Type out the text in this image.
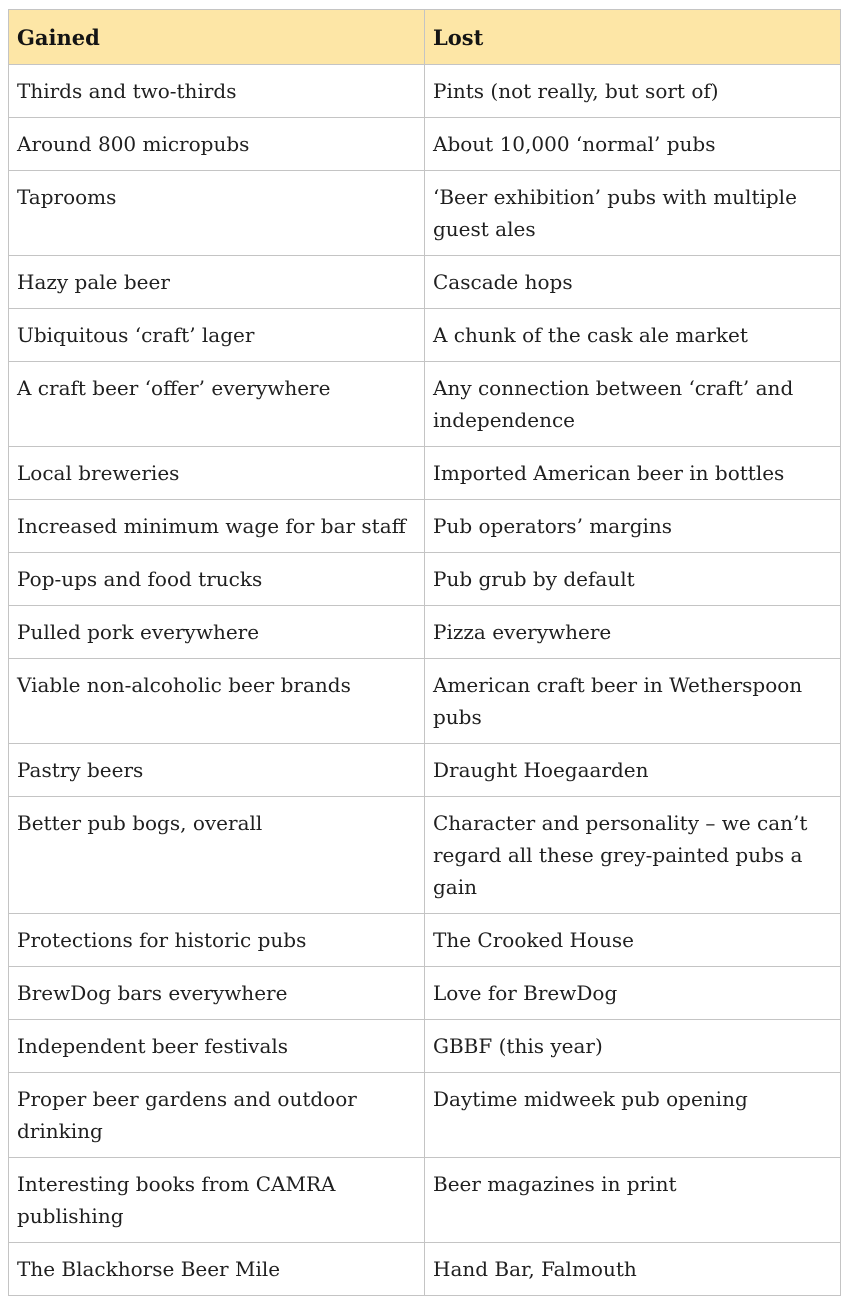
Gained	Lost
Thirds and two-thirds	Pints (not really, but sort of)
Around 800 micropubs	About 10,000 ‘normal’ pubs
Taprooms	‘Beer exhibition’ pubs with multiple guest ales
Hazy pale beer	Cascade hops
Ubiquitous ‘craft’ lager	A chunk of the cask ale market
A craft beer ‘offer’ everywhere	Any connection between ‘craft’ and independence
Local breweries	Imported American beer in bottles
Increased minimum wage for bar staff	Pub operators’ margins
Pop-ups and food trucks	Pub grub by default
Pulled pork everywhere	Pizza everywhere
Viable non-alcoholic beer brands	American craft beer in Wetherspoon pubs
Pastry beers	Draught Hoegaarden
Better pub bogs, overall	Character and personality – we can’t regard all these grey-painted pubs a gain
Protections for historic pubs	The Crooked House
BrewDog bars everywhere	Love for BrewDog
Independent beer festivals	GBBF (this year)
Proper beer gardens and outdoor drinking	Daytime midweek pub opening
Interesting books from CAMRA publishing	Beer magazines in print
The Blackhorse Beer Mile	Hand Bar, Falmouth
